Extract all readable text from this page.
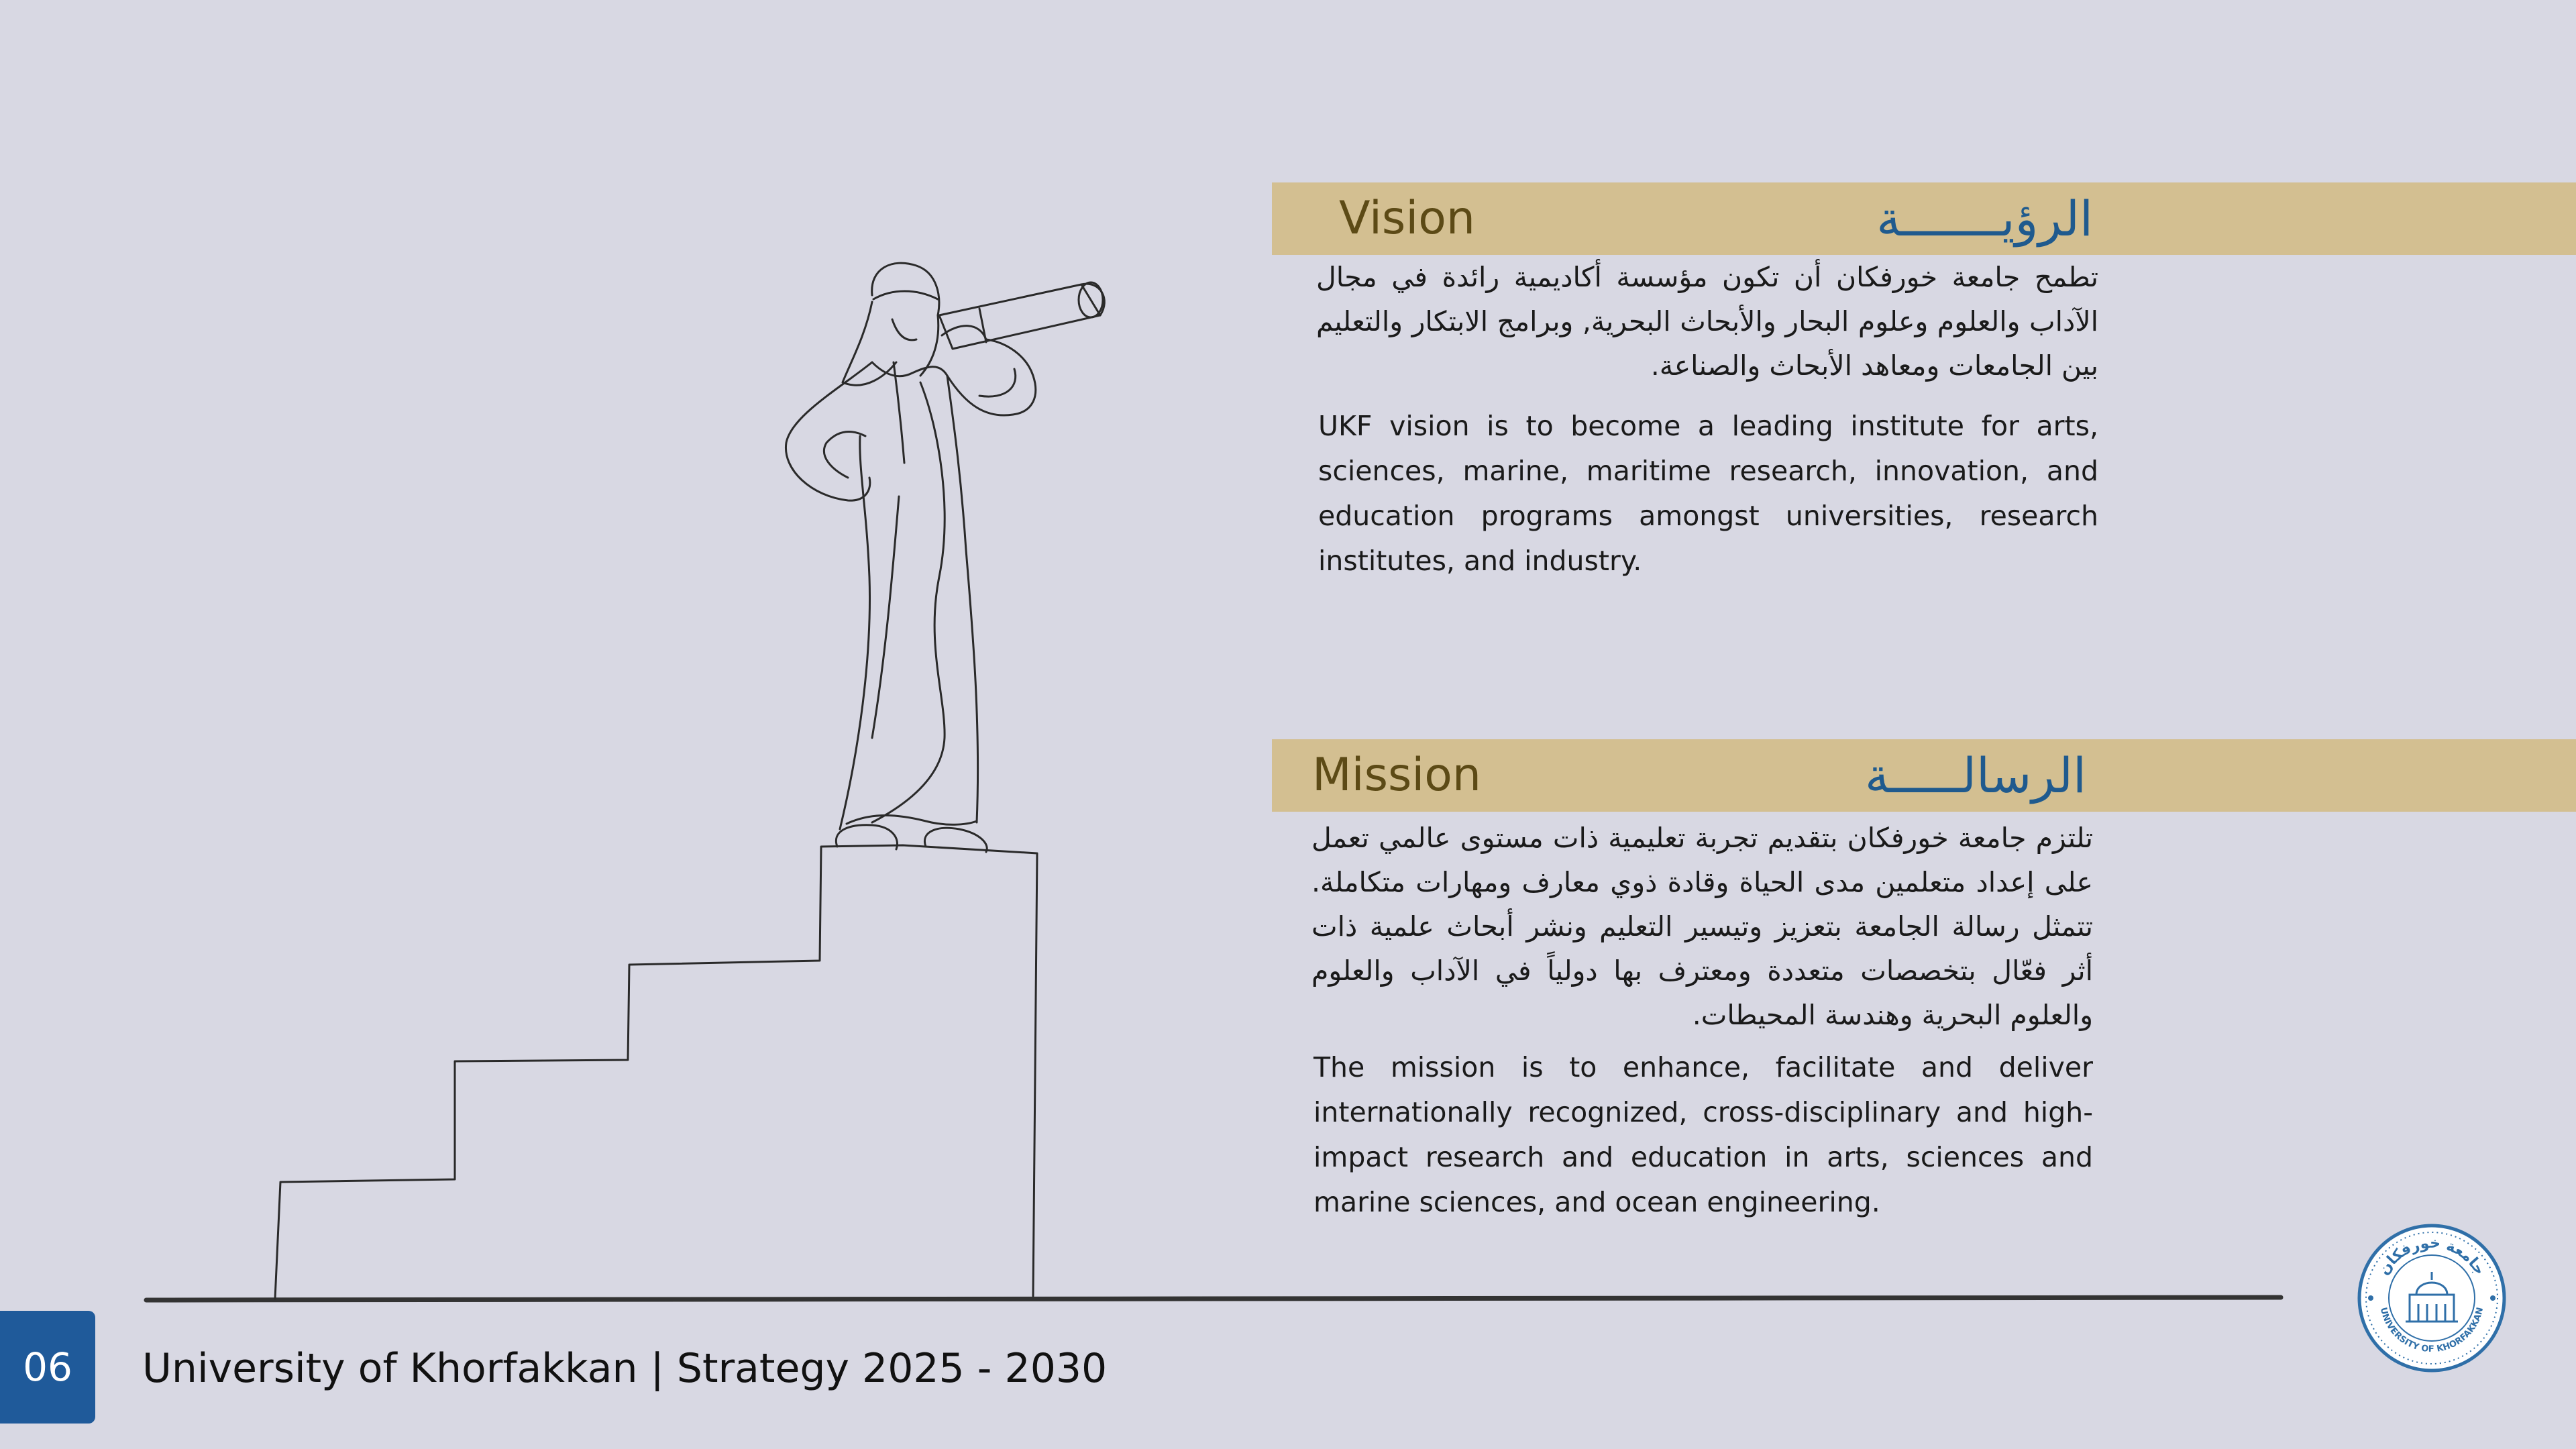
Vision	الرؤيـــــــة
تطمح جامعة خورفكان أن تكون مؤسسة أكاديمية رائدة في مجال الآداب والعلوم وعلوم البحار والأبحاث البحرية, وبرامج الابتكار والتعليم بين الجامعات ومعاهد الأبحاث والصناعة.
UKF vision is to become a leading institute for arts, sciences, marine, maritime research, innovation, and education programs amongst universities, research institutes, and industry.
Mission	الرسالـــــة
تلتزم جامعة خورفكان بتقديم تجربة تعليمية ذات مستوى عالمي تعمل على إعداد متعلمين مدى الحياة وقادة ذوي معارف ومهارات متكاملة. تتمثل رسالة الجامعة بتعزيز وتيسير التعليم ونشر أبحاث علمية ذات أثر فعّال بتخصصات متعددة ومعترف بها دولياً في الآداب والعلوم والعلوم البحرية وهندسة المحيطات.
The mission is to enhance, facilitate and deliver internationally recognized, cross-disciplinary and high-impact research and education in arts, sciences and marine sciences, and ocean engineering.
06	University of Khorfakkan | Strategy 2025 - 2030
جامعة خورفكان
UNIVERSITY OF KHORFAKKAN
